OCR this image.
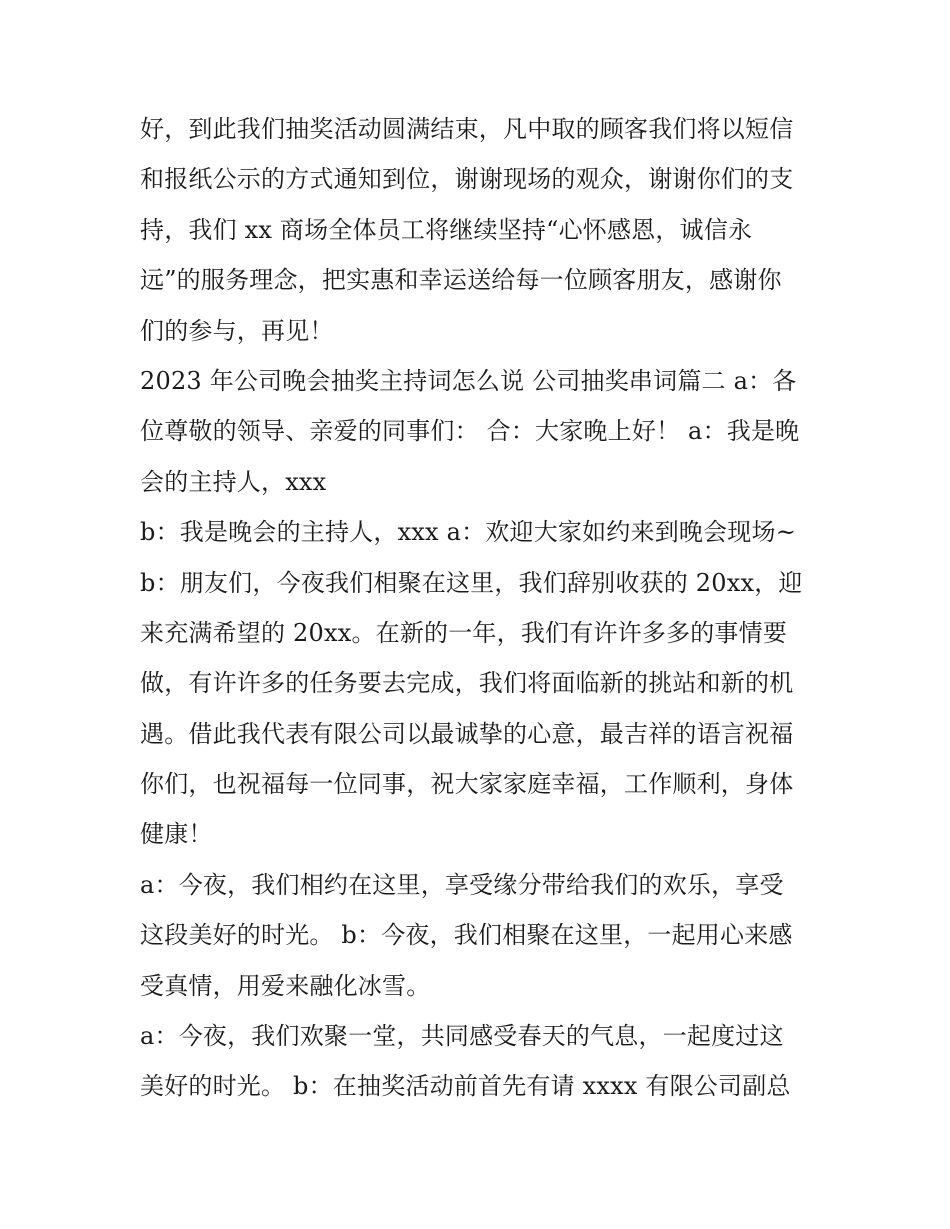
好，到此我们抽奖活动圆满结束，凡中取的顾客我们将以短信
和报纸公示的方式通知到位，谢谢现场的观众，谢谢你们的支
持，我们 xx 商场全体员工将继续坚持“心怀感恩，诚信永
远”的服务理念，把实惠和幸运送给每一位顾客朋友，感谢你
们的参与，再见！
2023 年公司晚会抽奖主持词怎么说 公司抽奖串词篇二 a：各
位尊敬的领导、亲爱的同事们： 合：大家晚上好！ a：我是晚
会的主持人，xxx
b：我是晚会的主持人，xxx a：欢迎大家如约来到晚会现场~
b：朋友们，今夜我们相聚在这里，我们辞别收获的 20xx，迎
来充满希望的 20xx。在新的一年，我们有许许多多的事情要
做，有许许多的任务要去完成，我们将面临新的挑站和新的机
遇。借此我代表有限公司以最诚挚的心意，最吉祥的语言祝福
你们，也祝福每一位同事，祝大家家庭幸福，工作顺利，身体
健康！
a：今夜，我们相约在这里，享受缘分带给我们的欢乐，享受
这段美好的时光。 b：今夜，我们相聚在这里，一起用心来感
受真情，用爱来融化冰雪。
a：今夜，我们欢聚一堂，共同感受春天的气息，一起度过这
美好的时光。 b：在抽奖活动前首先有请 xxxx 有限公司副总
